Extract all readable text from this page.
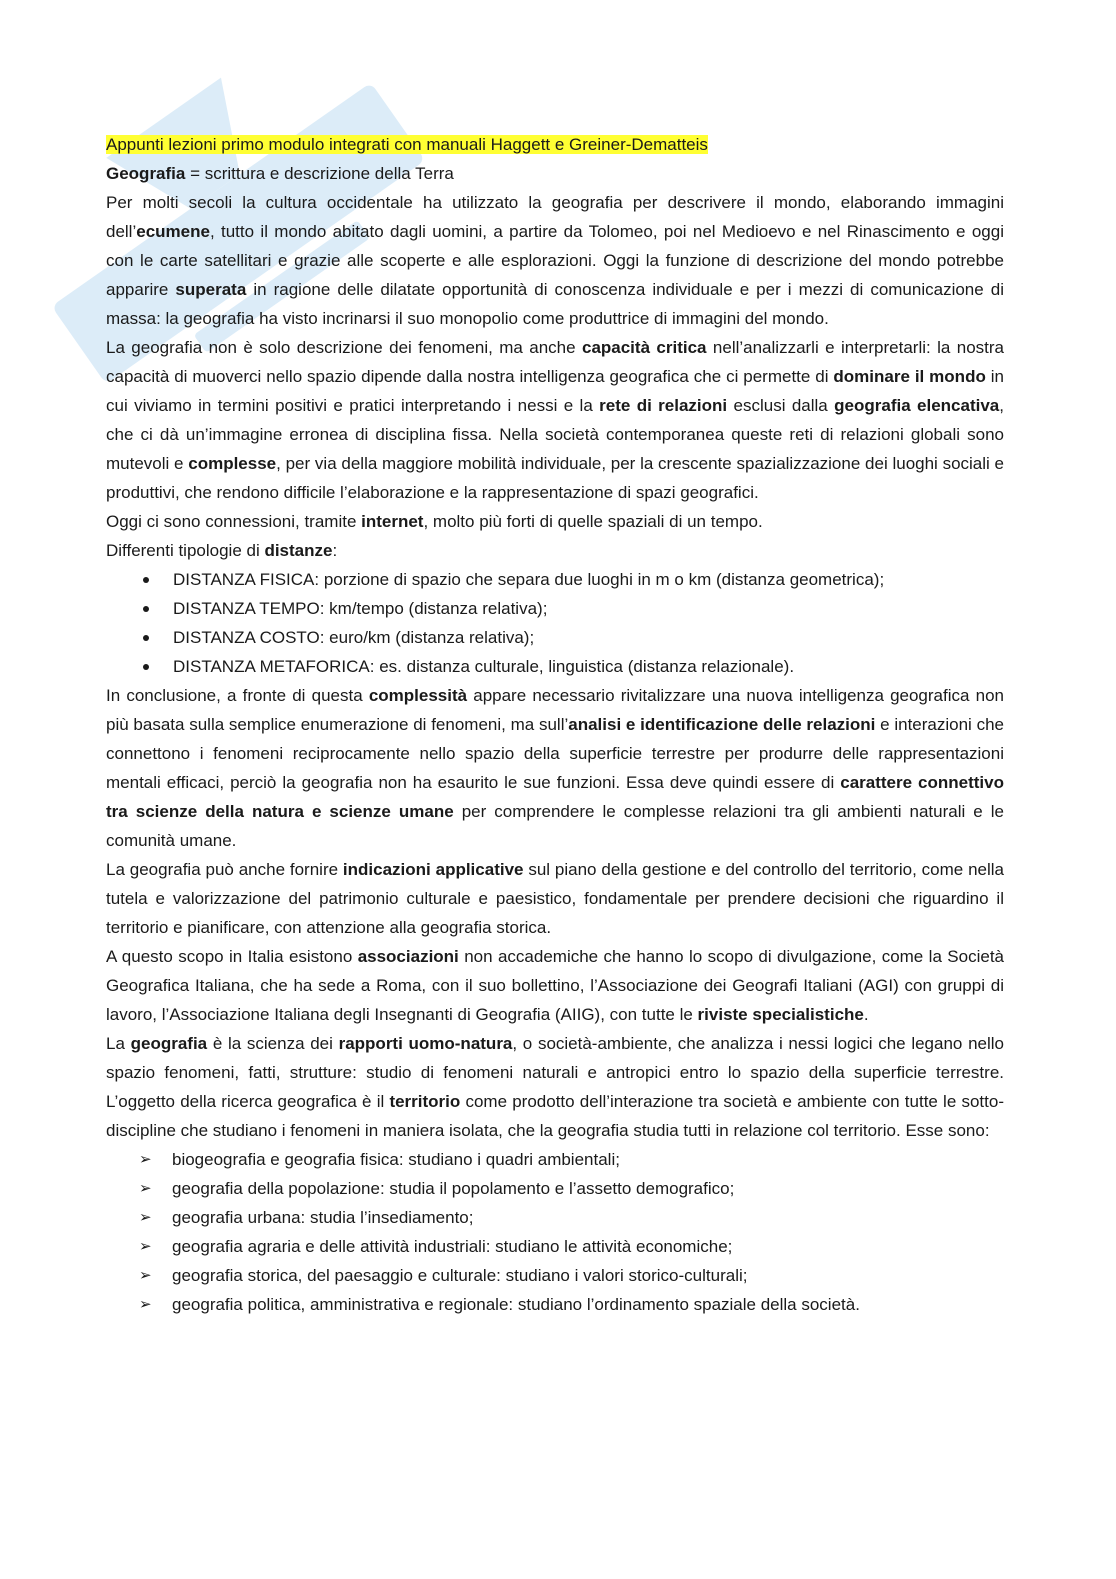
Appunti lezioni primo modulo integrati con manuali Haggett e Greiner-Dematteis

Geografia = scrittura e descrizione della Terra

Per molti secoli la cultura occidentale ha utilizzato la geografia per descrivere il mondo, elaborando immagini dell’ecumene, tutto il mondo abitato dagli uomini, a partire da Tolomeo, poi nel Medioevo e nel Rinascimento e oggi con le carte satellitari e grazie alle scoperte e alle esplorazioni. Oggi la funzione di descrizione del mondo potrebbe apparire superata in ragione delle dilatate opportunità di conoscenza individuale e per i mezzi di comunicazione di massa: la geografia ha visto incrinarsi il suo monopolio come produttrice di immagini del mondo.

La geografia non è solo descrizione dei fenomeni, ma anche capacità critica nell’analizzarli e interpretarli: la nostra capacità di muoverci nello spazio dipende dalla nostra intelligenza geografica che ci permette di dominare il mondo in cui viviamo in termini positivi e pratici interpretando i nessi e la rete di relazioni esclusi dalla geografia elencativa, che ci dà un’immagine erronea di disciplina fissa. Nella società contemporanea queste reti di relazioni globali sono mutevoli e complesse, per via della maggiore mobilità individuale, per la crescente spazializzazione dei luoghi sociali e produttivi, che rendono difficile l’elaborazione e la rappresentazione di spazi geografici.

Oggi ci sono connessioni, tramite internet, molto più forti di quelle spaziali di un tempo.

Differenti tipologie di distanze:

DISTANZA FISICA: porzione di spazio che separa due luoghi in m o km (distanza geometrica);
DISTANZA TEMPO: km/tempo (distanza relativa);
DISTANZA COSTO: euro/km (distanza relativa);
DISTANZA METAFORICA: es. distanza culturale, linguistica (distanza relazionale).

In conclusione, a fronte di questa complessità appare necessario rivitalizzare una nuova intelligenza geografica non più basata sulla semplice enumerazione di fenomeni, ma sull’analisi e identificazione delle relazioni e interazioni che connettono i fenomeni reciprocamente nello spazio della superficie terrestre per produrre delle rappresentazioni mentali efficaci, perciò la geografia non ha esaurito le sue funzioni. Essa deve quindi essere di carattere connettivo tra scienze della natura e scienze umane per comprendere le complesse relazioni tra gli ambienti naturali e le comunità umane.

La geografia può anche fornire indicazioni applicative sul piano della gestione e del controllo del territorio, come nella tutela e valorizzazione del patrimonio culturale e paesistico, fondamentale per prendere decisioni che riguardino il territorio e pianificare, con attenzione alla geografia storica.

A questo scopo in Italia esistono associazioni non accademiche che hanno lo scopo di divulgazione, come la Società Geografica Italiana, che ha sede a Roma, con il suo bollettino, l’Associazione dei Geografi Italiani (AGI) con gruppi di lavoro, l’Associazione Italiana degli Insegnanti di Geografia (AIIG), con tutte le riviste specialistiche.

La geografia è la scienza dei rapporti uomo-natura, o società-ambiente, che analizza i nessi logici che legano nello spazio fenomeni, fatti, strutture: studio di fenomeni naturali e antropici entro lo spazio della superficie terrestre. L’oggetto della ricerca geografica è il territorio come prodotto dell’interazione tra società e ambiente con tutte le sotto-discipline che studiano i fenomeni in maniera isolata, che la geografia studia tutti in relazione col territorio. Esse sono:

➢ biogeografia e geografia fisica: studiano i quadri ambientali;
➢ geografia della popolazione: studia il popolamento e l’assetto demografico;
➢ geografia urbana: studia l’insediamento;
➢ geografia agraria e delle attività industriali: studiano le attività economiche;
➢ geografia storica, del paesaggio e culturale: studiano i valori storico-culturali;
➢ geografia politica, amministrativa e regionale: studiano l’ordinamento spaziale della società.
